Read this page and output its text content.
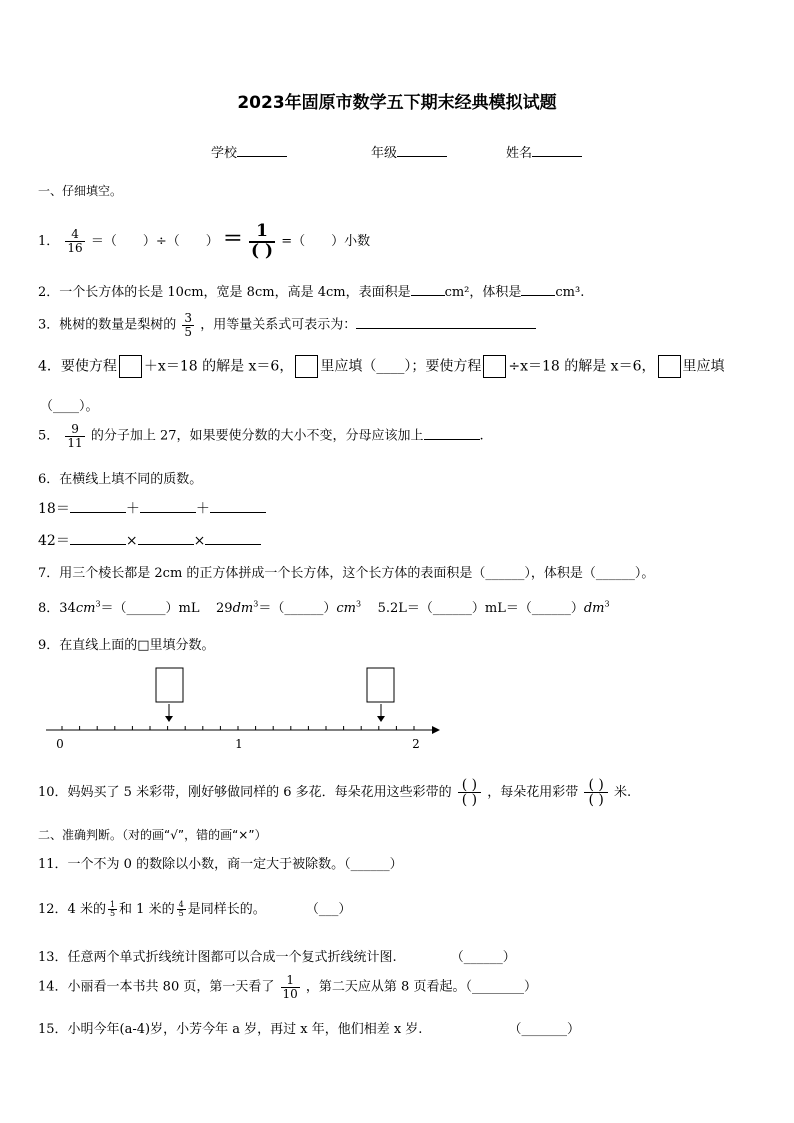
2023年固原市数学五下期末经典模拟试题
学校	年级	姓名
一、仔细填空。
1． $\frac{4}{16}$ ＝（　　）÷（　　） ＝ $\frac{1}{( )}$ =（　　）小数
2．一个长方体的长是 10cm，宽是 8cm，高是 4cm，表面积是	cm²，体积是	cm³.
3．桃树的数量是梨树的 $\frac{3}{5}$ ，用等量关系式可表示为：
4．要使方程 ＋x＝18 的解是 x＝6， 里应填（____）；要使方程 ÷x＝18 的解是 x＝6， 里应填
（____）。
5． $\frac{9}{11}$ 的分子加上 27，如果要使分数的大小不变，分母应该加上	.
6．在横线上填不同的质数。
18＝	＋	＋
42＝	×	×
7．用三个棱长都是 2cm 的正方体拼成一个长方体，这个长方体的表面积是（______），体积是（______）。
8．$34cm^3=(\_\_\_\_\_\_)mL$ $29dm^3=(\_\_\_\_\_\_)cm^3$ $5.2L=(\_\_\_\_\_\_)mL=(\_\_\_\_\_\_)dm^3$
9．在直线上面的□里填分数。
0	1	2
10．妈妈买了 5 米彩带，刚好够做同样的 6 多花．每朵花用这些彩带的 $\frac{( )}{( )}$ ，每朵花用彩带 $\frac{( )}{( )}$ 米.
二、准确判断。（对的画“√”，错的画“×”）
11．一个不为 0 的数除以小数，商一定大于被除数。（______）
12．4 米的 $\frac{1}{5}$ 和 1 米的 $\frac{4}{5}$ 是同样长的。	（___）
13．任意两个单式折线统计图都可以合成一个复式折线统计图.	（______）
14．小丽看一本书共 80 页，第一天看了 $\frac{1}{10}$ ，第二天应从第 8 页看起。（________）
15．小明今年(a-4)岁，小芳今年 a 岁，再过 x 年，他们相差 x 岁.	（_______）
